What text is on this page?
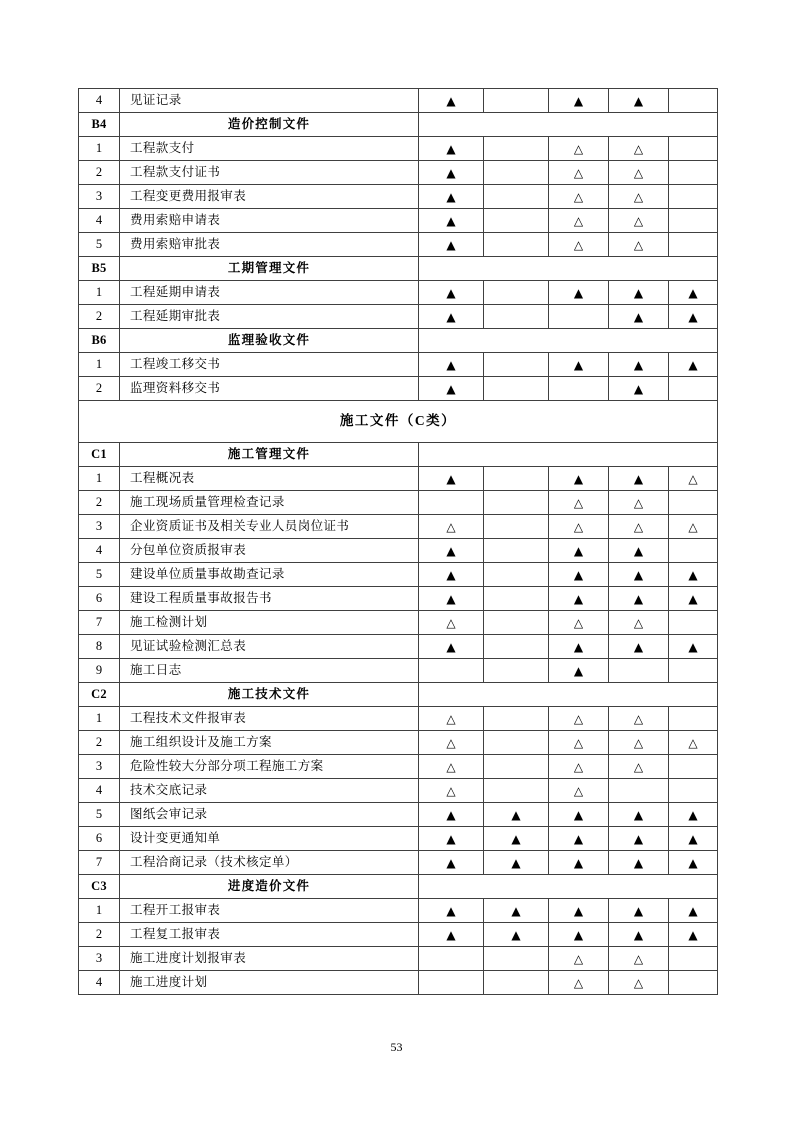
4	见证记录	▲		▲	▲	
B4	造价控制文件					
1	工程款支付	▲		△	△	
2	工程款支付证书	▲		△	△	
3	工程变更费用报审表	▲		△	△	
4	费用索赔申请表	▲		△	△	
5	费用索赔审批表	▲		△	△	
B5	工期管理文件					
1	工程延期申请表	▲		▲	▲	▲
2	工程延期审批表	▲			▲	▲
B6	监理验收文件					
1	工程竣工移交书	▲		▲	▲	▲
2	监理资料移交书	▲			▲	
施工文件（C类）						
C1	施工管理文件					
1	工程概况表	▲		▲	▲	△
2	施工现场质量管理检查记录			△	△	
3	企业资质证书及相关专业人员岗位证书	△		△	△	△
4	分包单位资质报审表	▲		▲	▲	
5	建设单位质量事故勘查记录	▲		▲	▲	▲
6	建设工程质量事故报告书	▲		▲	▲	▲
7	施工检测计划	△		△	△	
8	见证试验检测汇总表	▲		▲	▲	▲
9	施工日志			▲		
C2	施工技术文件					
1	工程技术文件报审表	△		△	△	
2	施工组织设计及施工方案	△		△	△	△
3	危险性较大分部分项工程施工方案	△		△	△	
4	技术交底记录	△		△		
5	图纸会审记录	▲	▲	▲	▲	▲
6	设计变更通知单	▲	▲	▲	▲	▲
7	工程洽商记录（技术核定单）	▲	▲	▲	▲	▲
C3	进度造价文件					
1	工程开工报审表	▲	▲	▲	▲	▲
2	工程复工报审表	▲	▲	▲	▲	▲
3	施工进度计划报审表			△	△	
4	施工进度计划			△	△	
53
